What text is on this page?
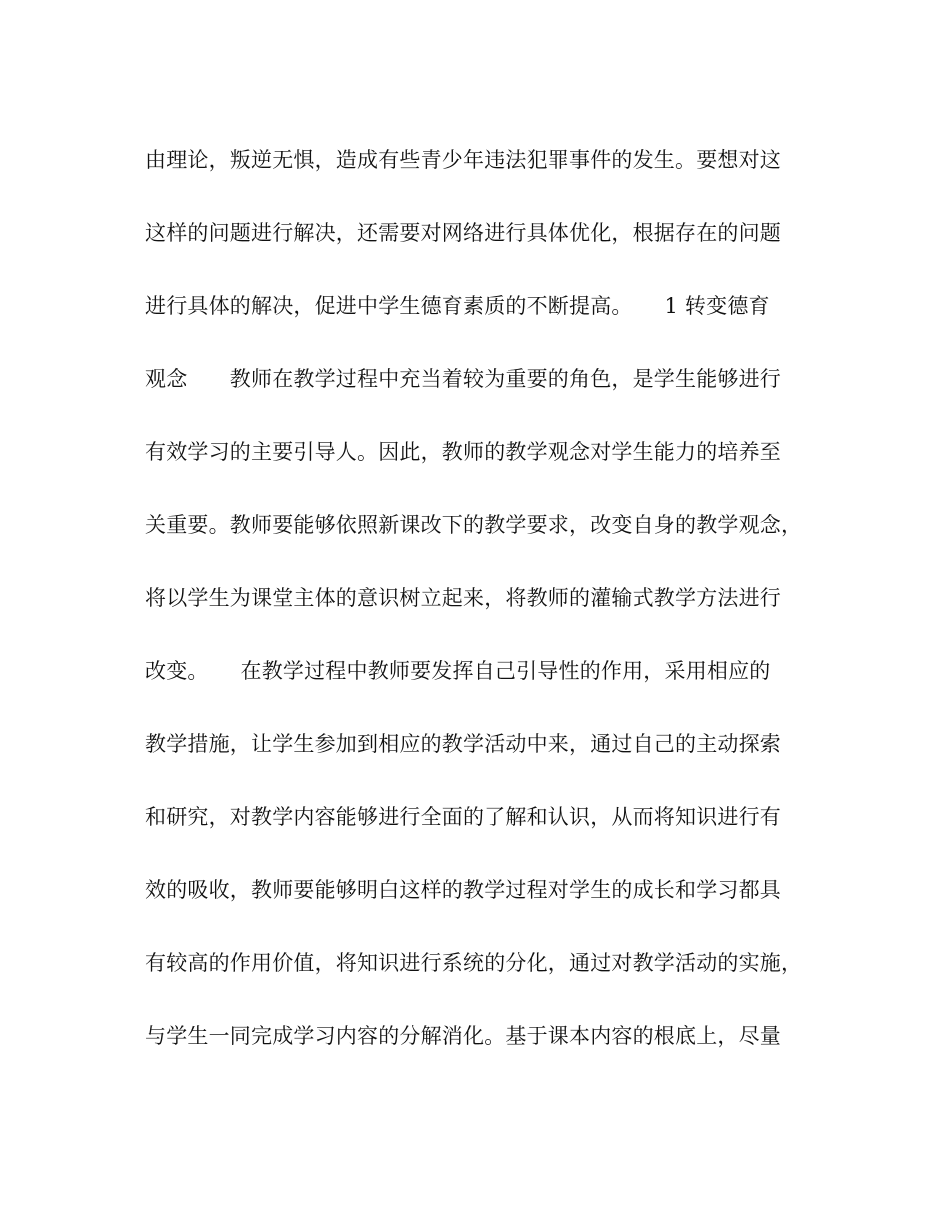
由理论，叛逆无惧，造成有些青少年违法犯罪事件的发生。要想对这
这样的问题进行解决，还需要对网络进行具体优化，根据存在的问题
进行具体的解决，促进中学生德育素质的不断提高。　　1 转变德育
观念　　教师在教学过程中充当着较为重要的角色，是学生能够进行
有效学习的主要引导人。因此，教师的教学观念对学生能力的培养至
关重要。教师要能够依照新课改下的教学要求，改变自身的教学观念，
将以学生为课堂主体的意识树立起来，将教师的灌输式教学方法进行
改变。　　在教学过程中教师要发挥自己引导性的作用，采用相应的
教学措施，让学生参加到相应的教学活动中来，通过自己的主动探索
和研究，对教学内容能够进行全面的了解和认识，从而将知识进行有
效的吸收，教师要能够明白这样的教学过程对学生的成长和学习都具
有较高的作用价值，将知识进行系统的分化，通过对教学活动的实施，
与学生一同完成学习内容的分解消化。基于课本内容的根底上，尽量
